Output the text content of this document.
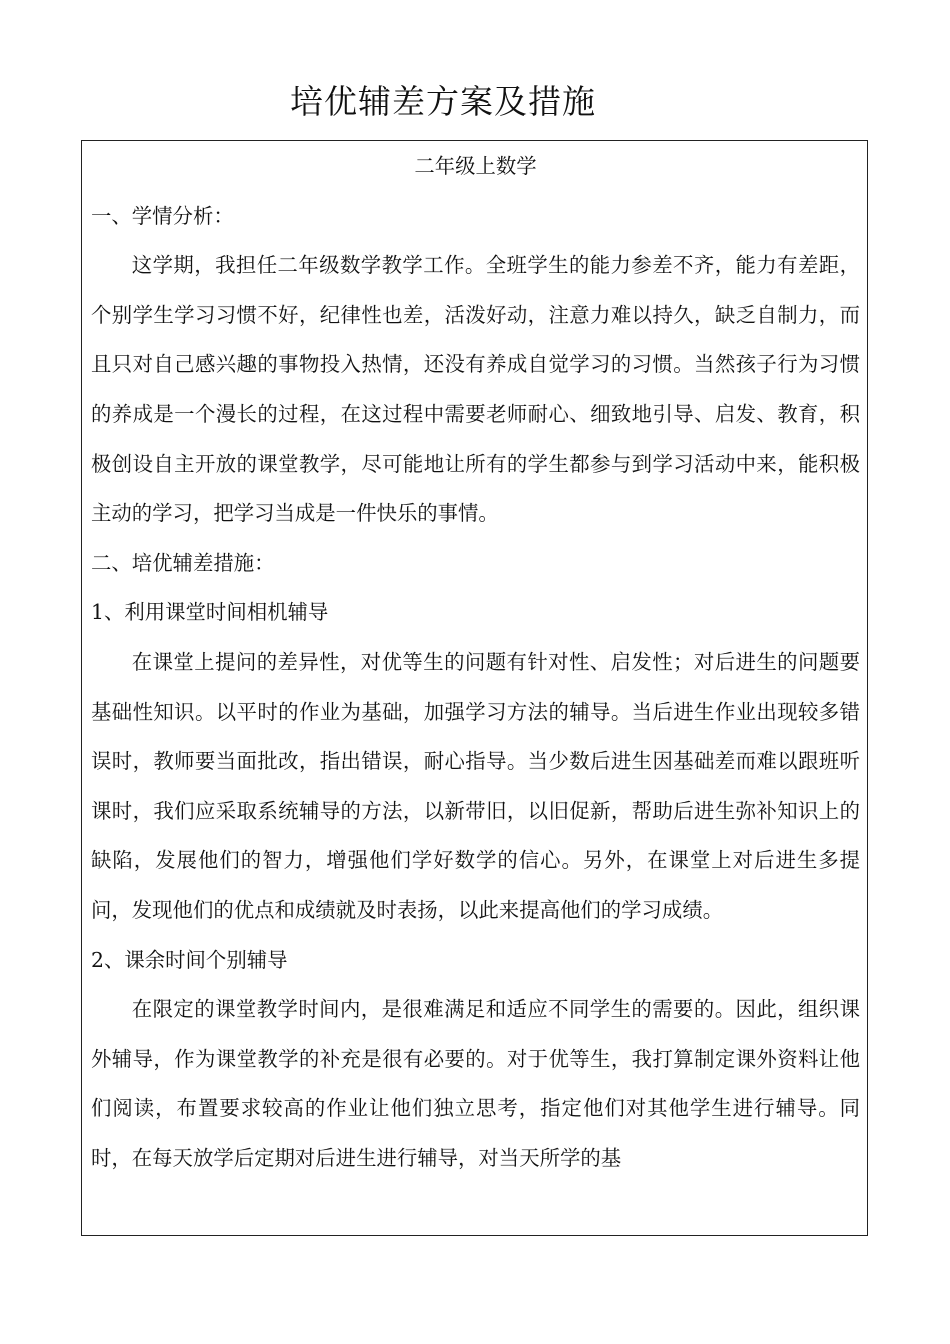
培优辅差方案及措施

二年级上数学

一、学情分析：

这学期，我担任二年级数学教学工作。全班学生的能力参差不齐，能力有差距，个别学生学习习惯不好，纪律性也差，活泼好动，注意力难以持久，缺乏自制力，而且只对自己感兴趣的事物投入热情，还没有养成自觉学习的习惯。当然孩子行为习惯的养成是一个漫长的过程，在这过程中需要老师耐心、细致地引导、启发、教育，积极创设自主开放的课堂教学，尽可能地让所有的学生都参与到学习活动中来，能积极主动的学习，把学习当成是一件快乐的事情。

二、培优辅差措施：

1、利用课堂时间相机辅导

在课堂上提问的差异性，对优等生的问题有针对性、启发性；对后进生的问题要基础性知识。以平时的作业为基础，加强学习方法的辅导。当后进生作业出现较多错误时，教师要当面批改，指出错误，耐心指导。当少数后进生因基础差而难以跟班听课时，我们应采取系统辅导的方法，以新带旧，以旧促新，帮助后进生弥补知识上的缺陷，发展他们的智力，增强他们学好数学的信心。另外，在课堂上对后进生多提问，发现他们的优点和成绩就及时表扬，以此来提高他们的学习成绩。

2、课余时间个别辅导

在限定的课堂教学时间内，是很难满足和适应不同学生的需要的。因此，组织课外辅导，作为课堂教学的补充是很有必要的。对于优等生，我打算制定课外资料让他们阅读，布置要求较高的作业让他们独立思考，指定他们对其他学生进行辅导。同时，在每天放学后定期对后进生进行辅导，对当天所学的基
